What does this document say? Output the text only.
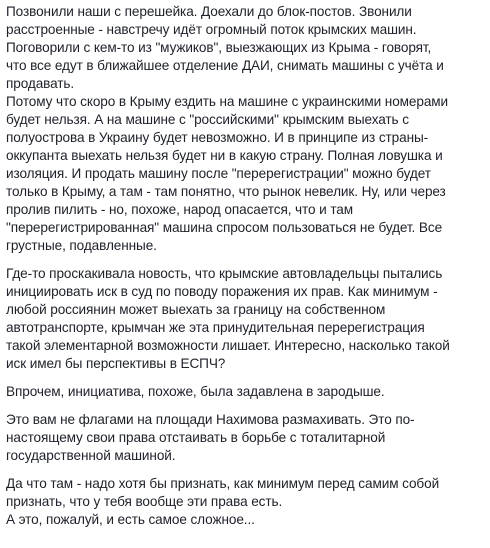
Позвонили наши с перешейка. Доехали до блок-постов. Звонили
расстроенные - навстречу идёт огромный поток крымских машин.
Поговорили с кем-то из "мужиков", выезжающих из Крыма - говорят,
что все едут в ближайшее отделение ДАИ, снимать машины с учёта и
продавать.
Потому что скоро в Крыму ездить на машине с украинскими номерами
будет нельзя. А на машине с "российскими" крымским выехать с
полуострова в Украину будет невозможно. И в принципе из страны-
оккупанта выехать нельзя будет ни в какую страну. Полная ловушка и
изоляция. И продать машину после "перерегистрации" можно будет
только в Крыму, а там - там понятно, что рынок невелик. Ну, или через
пролив пилить - но, похоже, народ опасается, что и там
"перерегистрированная" машина спросом пользоваться не будет. Все
грустные, подавленные.

Где-то проскакивала новость, что крымские автовладельцы пытались
инициировать иск в суд по поводу поражения их прав. Как минимум -
любой россиянин может выехать за границу на собственном
автотранспорте, крымчан же эта принудительная перерегистрация
такой элементарной возможности лишает. Интересно, насколько такой
иск имел бы перспективы в ЕСПЧ?

Впрочем, инициатива, похоже, была задавлена в зародыше.

Это вам не флагами на площади Нахимова размахивать. Это по-
настоящему свои права отстаивать в борьбе с тоталитарной
государственной машиной.

Да что там - надо хотя бы признать, как минимум перед самим собой
признать, что у тебя вообще эти права есть.
А это, пожалуй, и есть самое сложное...
